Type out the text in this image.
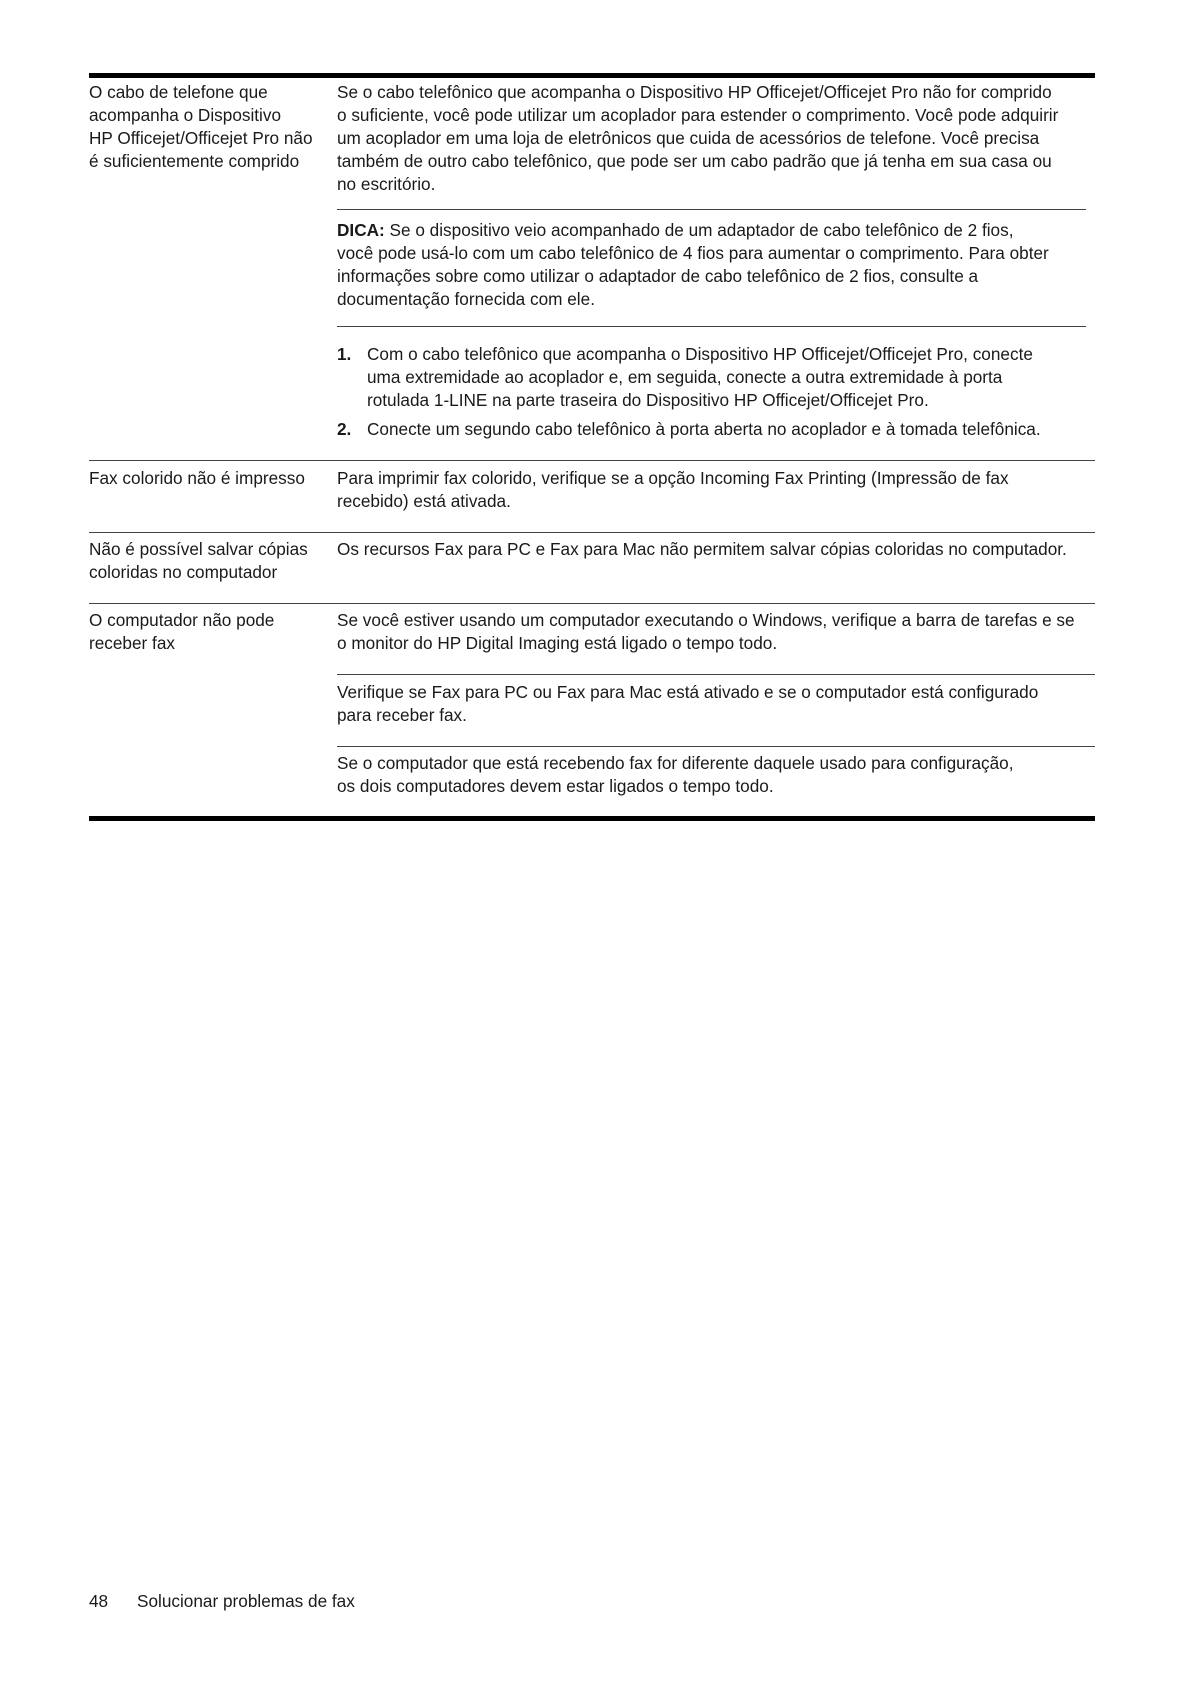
O cabo de telefone que
acompanha o Dispositivo
HP Officejet/Officejet Pro não
é suficientemente comprido
Se o cabo telefônico que acompanha o Dispositivo HP Officejet/Officejet Pro não for comprido
o suficiente, você pode utilizar um acoplador para estender o comprimento. Você pode adquirir
um acoplador em uma loja de eletrônicos que cuida de acessórios de telefone. Você precisa
também de outro cabo telefônico, que pode ser um cabo padrão que já tenha em sua casa ou
no escritório.
DICA: Se o dispositivo veio acompanhado de um adaptador de cabo telefônico de 2 fios,
você pode usá-lo com um cabo telefônico de 4 fios para aumentar o comprimento. Para obter
informações sobre como utilizar o adaptador de cabo telefônico de 2 fios, consulte a
documentação fornecida com ele.
1. Com o cabo telefônico que acompanha o Dispositivo HP Officejet/Officejet Pro, conecte
uma extremidade ao acoplador e, em seguida, conecte a outra extremidade à porta
rotulada 1-LINE na parte traseira do Dispositivo HP Officejet/Officejet Pro.
2. Conecte um segundo cabo telefônico à porta aberta no acoplador e à tomada telefônica.
Fax colorido não é impresso	Para imprimir fax colorido, verifique se a opção Incoming Fax Printing (Impressão de fax
recebido) está ativada.
Não é possível salvar cópias
coloridas no computador
Os recursos Fax para PC e Fax para Mac não permitem salvar cópias coloridas no computador.
O computador não pode
receber fax
Se você estiver usando um computador executando o Windows, verifique a barra de tarefas e se
o monitor do HP Digital Imaging está ligado o tempo todo.
Verifique se Fax para PC ou Fax para Mac está ativado e se o computador está configurado
para receber fax.
Se o computador que está recebendo fax for diferente daquele usado para configuração,
os dois computadores devem estar ligados o tempo todo.
48 Solucionar problemas de fax
